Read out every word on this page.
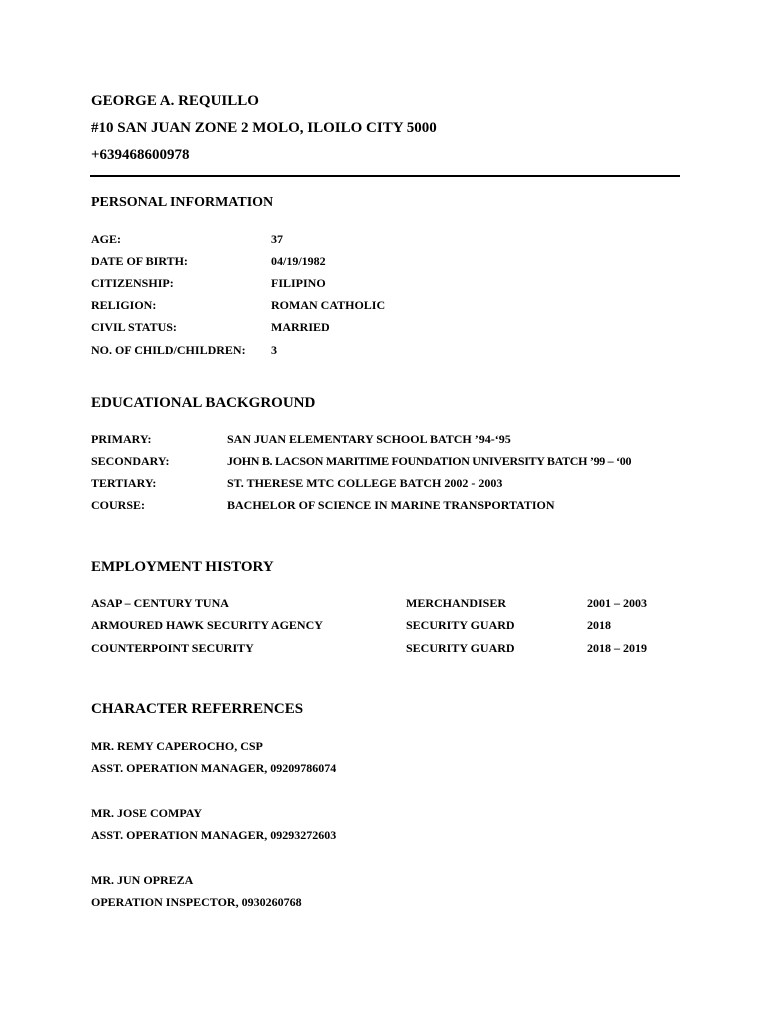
GEORGE A. REQUILLO
#10 SAN JUAN ZONE 2 MOLO, ILOILO CITY 5000
+639468600978
PERSONAL INFORMATION
AGE:	37
DATE OF BIRTH:	04/19/1982
CITIZENSHIP:	FILIPINO
RELIGION:	ROMAN CATHOLIC
CIVIL STATUS:	MARRIED
NO. OF CHILD/CHILDREN: 3
EDUCATIONAL BACKGROUND
PRIMARY:	SAN JUAN ELEMENTARY SCHOOL BATCH ’94-‘95
SECONDARY:	JOHN B. LACSON MARITIME FOUNDATION UNIVERSITY BATCH ’99 – ‘00
TERTIARY:	ST. THERESE MTC COLLEGE BATCH 2002 - 2003
COURSE:	BACHELOR OF SCIENCE IN MARINE TRANSPORTATION
EMPLOYMENT HISTORY
ASAP – CENTURY TUNA	MERCHANDISER	2001 – 2003
ARMOURED HAWK SECURITY AGENCY	SECURITY GUARD	2018
COUNTERPOINT SECURITY	SECURITY GUARD	2018 – 2019
CHARACTER REFERRENCES
MR. REMY CAPEROCHO, CSP
ASST. OPERATION MANAGER, 09209786074
MR. JOSE COMPAY
ASST. OPERATION MANAGER, 09293272603
MR. JUN OPREZA
OPERATION INSPECTOR, 0930260768
